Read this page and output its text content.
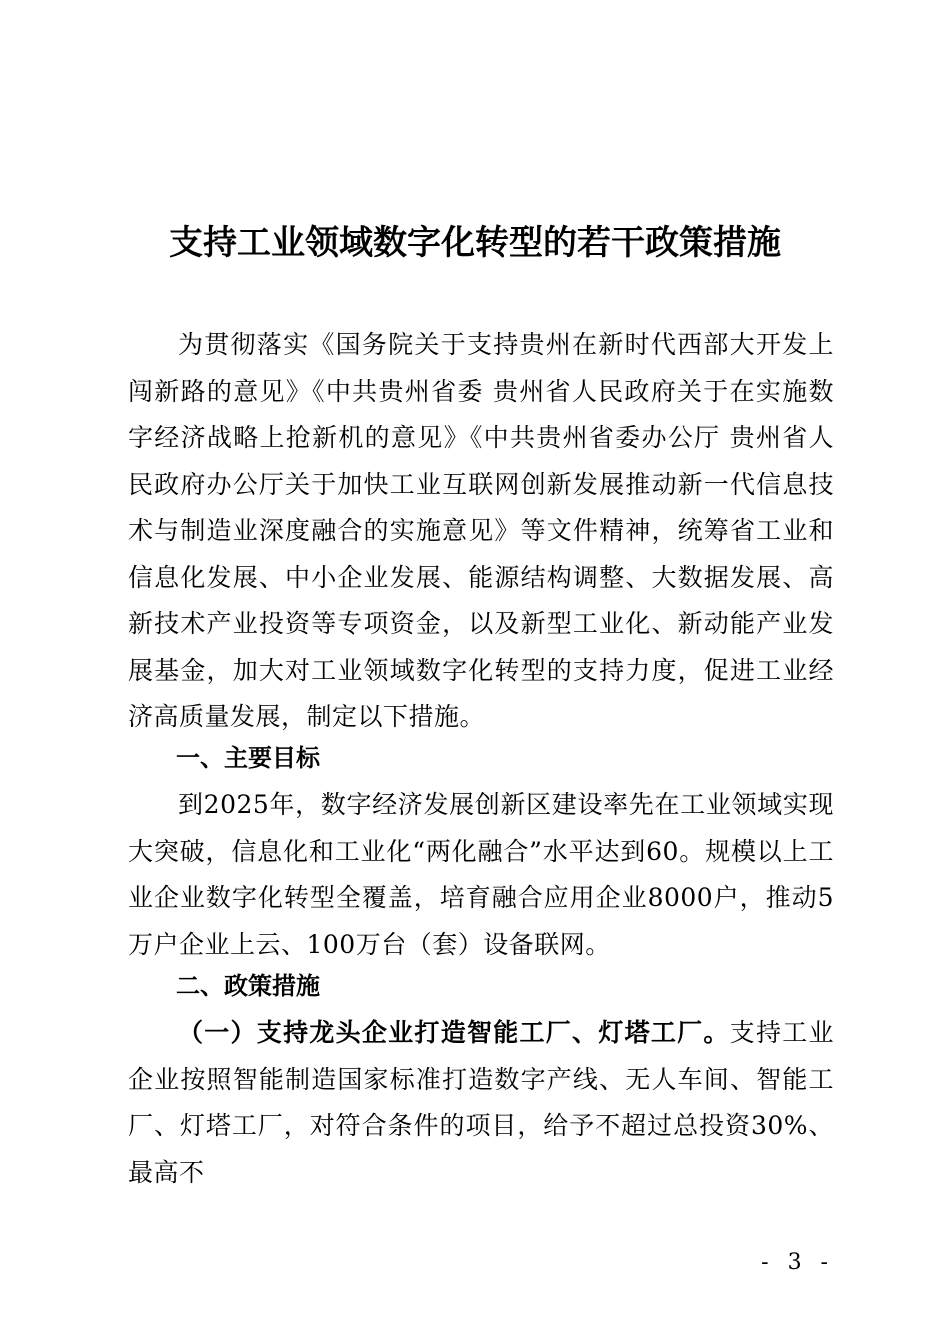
支持工业领域数字化转型的若干政策措施

为贯彻落实《国务院关于支持贵州在新时代西部大开发上闯新路的意见》《中共贵州省委 贵州省人民政府关于在实施数字经济战略上抢新机的意见》《中共贵州省委办公厅 贵州省人民政府办公厅关于加快工业互联网创新发展推动新一代信息技术与制造业深度融合的实施意见》等文件精神，统筹省工业和信息化发展、中小企业发展、能源结构调整、大数据发展、高新技术产业投资等专项资金，以及新型工业化、新动能产业发展基金，加大对工业领域数字化转型的支持力度，促进工业经济高质量发展，制定以下措施。

一、主要目标

到2025年，数字经济发展创新区建设率先在工业领域实现大突破，信息化和工业化“两化融合”水平达到60。规模以上工业企业数字化转型全覆盖，培育融合应用企业8000户，推动5万户企业上云、100万台（套）设备联网。

二、政策措施

（一）支持龙头企业打造智能工厂、灯塔工厂。支持工业企业按照智能制造国家标准打造数字产线、无人车间、智能工厂、灯塔工厂，对符合条件的项目，给予不超过总投资30%、最高不

- 3 -
